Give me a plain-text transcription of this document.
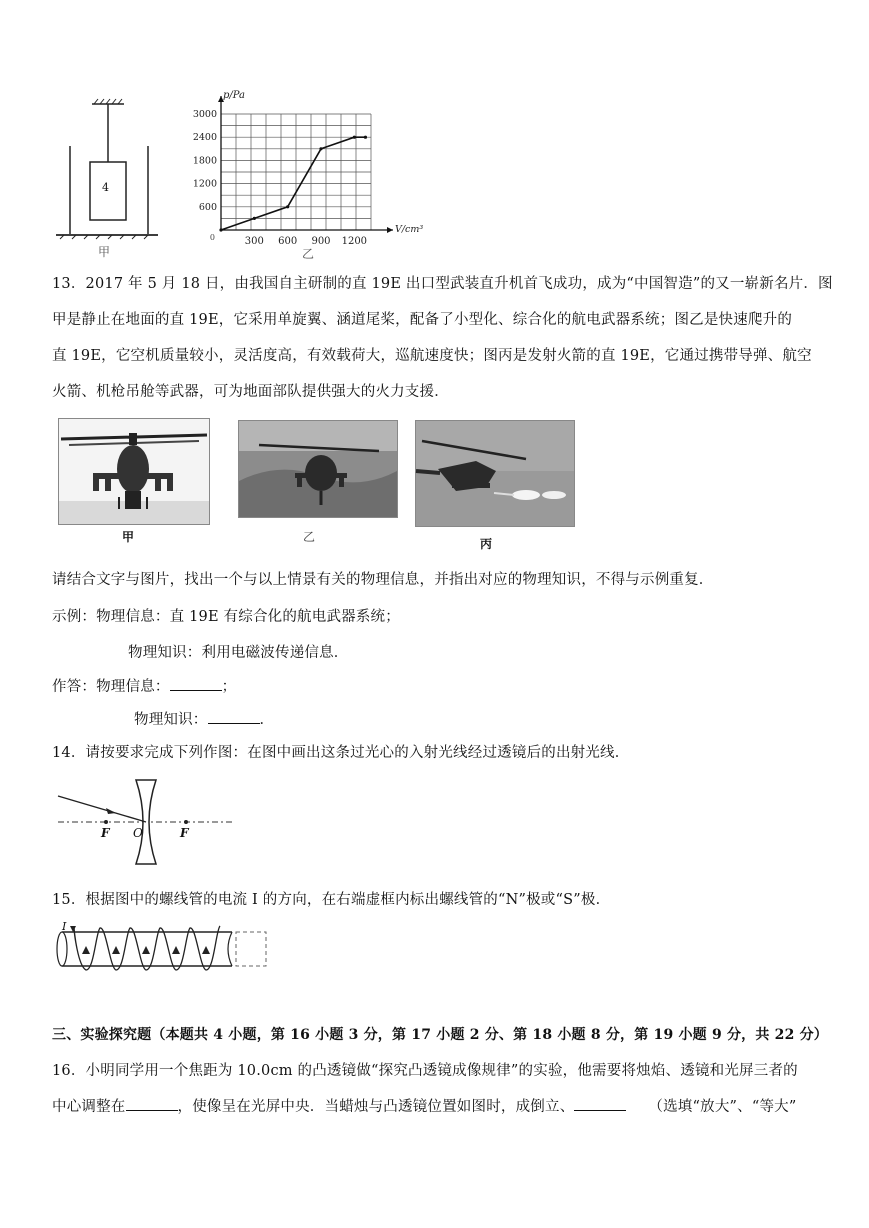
4
甲
300 600 900 1200
600
1200
1800
2400
3000
0
p/Pa
V/cm³
乙
13．2017 年 5 月 18 日，由我国自主研制的直 19E 出口型武装直升机首飞成功，成为“中国智造”的又一崭新名片．图
甲是静止在地面的直 19E，它采用单旋翼、涵道尾桨，配备了小型化、综合化的航电武器系统；图乙是快速爬升的
直 19E，它空机质量较小，灵活度高，有效载荷大，巡航速度快；图丙是发射火箭的直 19E，它通过携带导弹、航空
火箭、机枪吊舱等武器，可为地面部队提供强大的火力支援．
甲	乙	丙
请结合文字与图片，找出一个与以上情景有关的物理信息，并指出对应的物理知识，不得与示例重复．
示例：物理信息：直 19E 有综合化的航电武器系统；
物理知识：利用电磁波传递信息．
作答：物理信息：	；
物理知识：	．
14．请按要求完成下列作图：在图中画出这条过光心的入射光线经过透镜后的出射光线．
F O	F
15．根据图中的螺线管的电流 I 的方向，在右端虚框内标出螺线管的“N”极或“S”极．
I
三、实验探究题（本题共 4 小题，第 16 小题 3 分，第 17 小题 2 分、第 18 小题 8 分，第 19 小题 9 分，共 22 分）
16．小明同学用一个焦距为 10.0cm 的凸透镜做“探究凸透镜成像规律”的实验，他需要将烛焰、透镜和光屏三者的
中心调整在	，使像呈在光屏中央．当蜡烛与凸透镜位置如图时，成倒立、	（选填“放大”、“等大”
